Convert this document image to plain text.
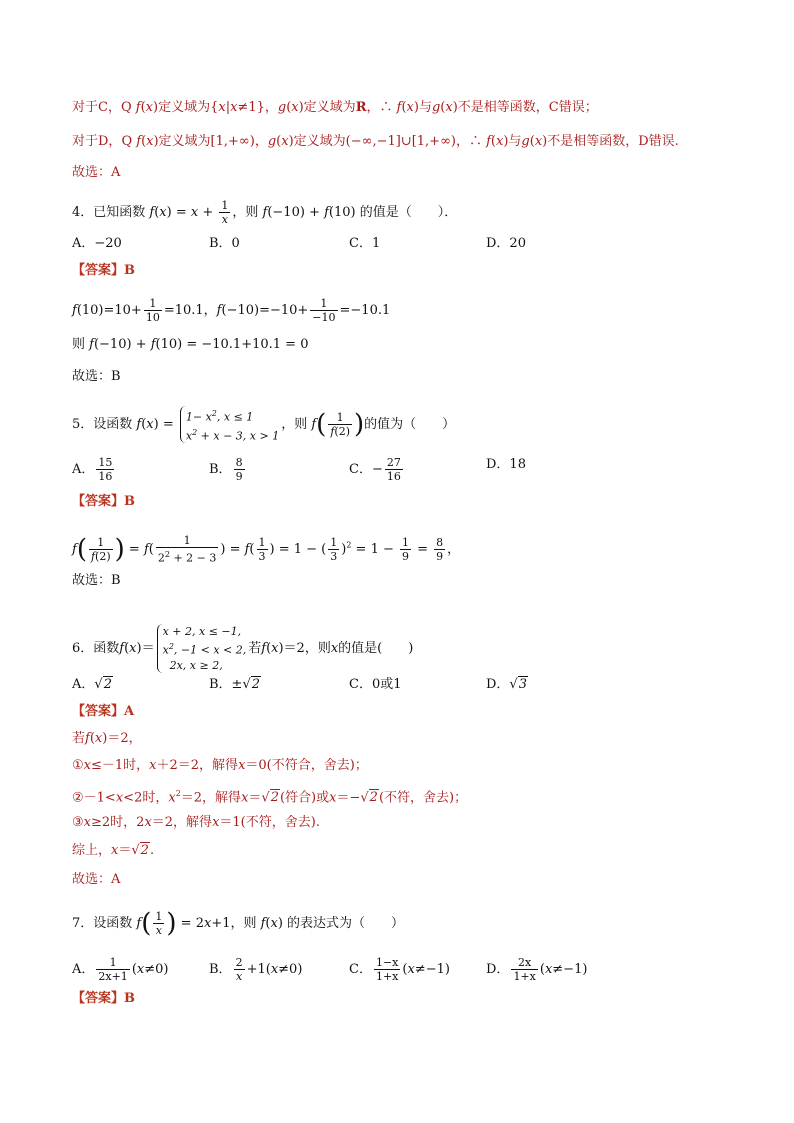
对于C，Q f(x)定义域为{x|x≠1}，g(x)定义域为R，∴ f(x)与g(x)不是相等函数，C错误；
对于D，Q f(x)定义域为[1,+∞)，g(x)定义域为(−∞,−1]∪[1,+∞)，∴ f(x)与g(x)不是相等函数，D错误.
故选：A
4．已知函数 $f(x) = x + \frac{1}{x}$ ，则 f(−10) + f(10) 的值是（　　）．
A．−20	B．0	C．1	D．20
【答案】B
$f(10)=10+ \frac{1}{10} =10.1$，$f(-10)=-10+ \frac{1}{-10} =-10.1$
则 f(−10) + f(10) = −10.1+10.1 = 0
故选：B
5．设函数 $f(x) = 1- x^2$, x ≤ 1
$x^2 + x - 3$, x > 1
，则 $f( \frac{1}{f(2)}$ )的值为（　　）
A． $\frac{15}{16}$	B． $\frac{8}{9}$	C．− $\frac{27}{16}$	D．18
【答案】B
$f( \frac{1}{f(2)}$ ) = $f( \frac{1}{2^2 + 2 - 3}$ ) = $f( \frac{1}{3}$ ) = 1 − ( $\frac{1}{3} )^2 = 1 - \frac{1}{9} = \frac{8}{9}$ ，
故选：B
6．函数f(x)＝
x + 2, x ≤ −1,
$x^2$, −1 < x < 2,
2x, x ≥ 2,
若f(x)＝2，则x的值是(　　)
A．√2	B．±√2	C．0或1	D．√3
【答案】A
若f(x)＝2，
①x≤－1时，x＋2＝2，解得x＝0(不符合，舍去)；
②－1<x<2时，$x^2=2$，解得x＝√2(符合)或x＝−√2(不符，舍去)；
③x≥2时，2x＝2，解得x＝1(不符，舍去).
综上，x＝√2.
故选：A
7．设函数 $f( \frac{1}{x}$ ) = 2x+1，则 f(x) 的表达式为（　　）
A． $\frac{1}{2x+1} (x\ne 0)$	B． $\frac{2}{x} +1(x\ne 0)$	C． $\frac{1-x}{1+x} (x\ne-1)$	D． $\frac{2x}{1+x} (x\ne-1)$
【答案】B
